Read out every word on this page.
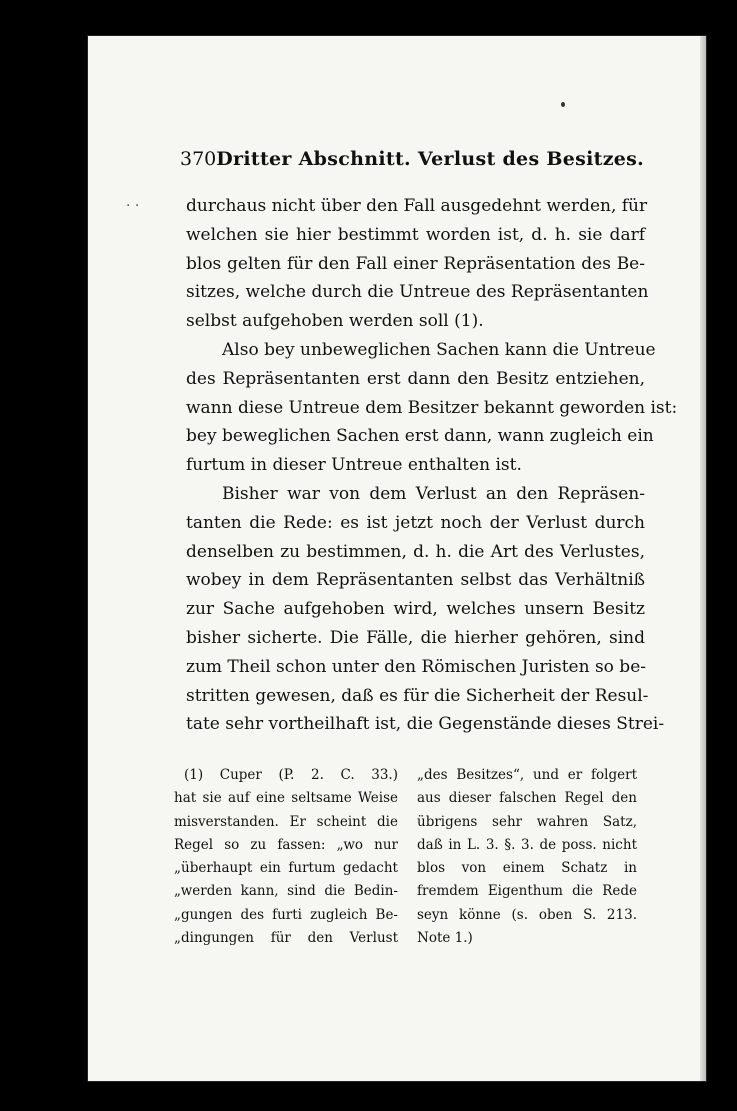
370 Dritter Abschnitt. Verlust des Besitzes.
· ·	durchaus nicht über den Fall ausgedehnt werden, für
welchen sie hier bestimmt worden ist, d. h. sie darf
blos gelten für den Fall einer Repräsentation des Be-
sitzes, welche durch die Untreue des Repräsentanten
selbst aufgehoben werden soll (1).
Also bey unbeweglichen Sachen kann die Untreue
des Repräsentanten erst dann den Besitz entziehen,
wann diese Untreue dem Besitzer bekannt geworden ist:
bey beweglichen Sachen erst dann, wann zugleich ein
furtum in dieser Untreue enthalten ist.
Bisher war von dem Verlust an den Repräsen-
tanten die Rede: es ist jetzt noch der Verlust durch
denselben zu bestimmen, d. h. die Art des Verlustes,
wobey in dem Repräsentanten selbst das Verhältniß
zur Sache aufgehoben wird, welches unsern Besitz
bisher sicherte. Die Fälle, die hierher gehören, sind
zum Theil schon unter den Römischen Juristen so be-
stritten gewesen, daß es für die Sicherheit der Resul-
tate sehr vortheilhaft ist, die Gegenstände dieses Strei-
(1) Cuper (P. 2. C. 33.)
hat sie auf eine seltsame Weise
misverstanden. Er scheint die
Regel so zu fassen: „wo nur
„überhaupt ein furtum gedacht
„werden kann, sind die Bedin-
„gungen des furti zugleich Be-
„dingungen für den Verlust
„des Besitzes“, und er folgert
aus dieser falschen Regel den
übrigens sehr wahren Satz,
daß in L. 3. §. 3. de poss. nicht
blos von einem Schatz in
fremdem Eigenthum die Rede
seyn könne (s. oben S. 213.
Note 1.)
